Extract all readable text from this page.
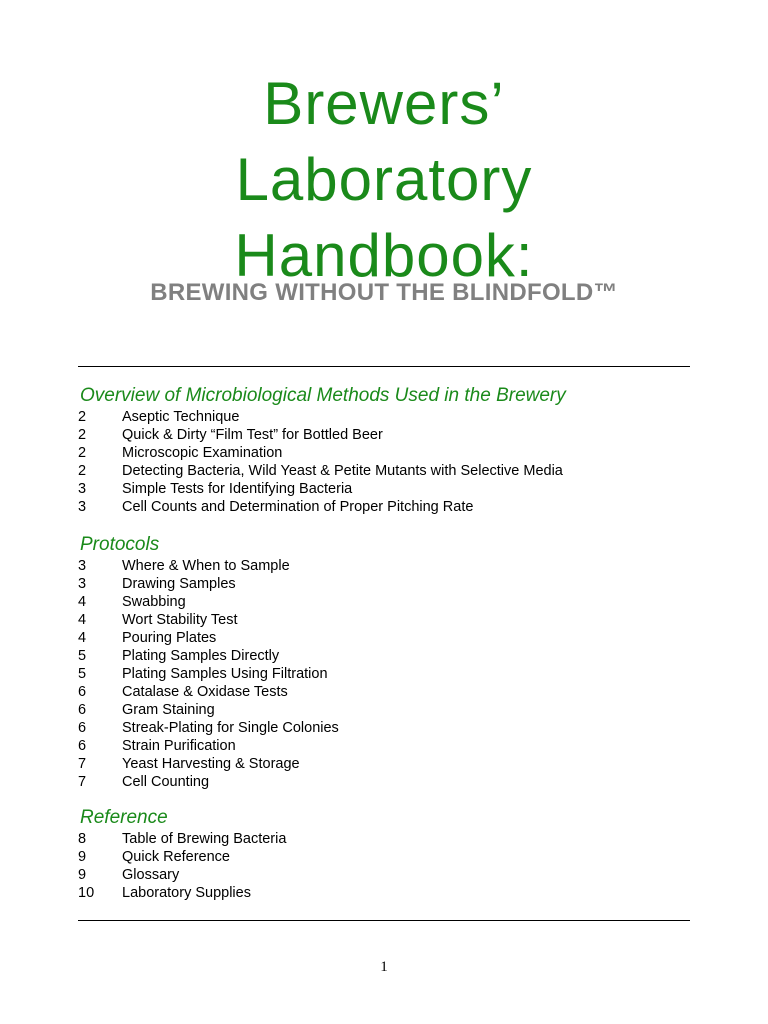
Brewers’
Laboratory
Handbook:
BREWING WITHOUT THE BLINDFOLD™
Overview of Microbiological Methods Used in the Brewery
2	Aseptic Technique
2	Quick & Dirty “Film Test” for Bottled Beer
2	Microscopic Examination
2	Detecting Bacteria, Wild Yeast & Petite Mutants with Selective Media
3	Simple Tests for Identifying Bacteria
3	Cell Counts and Determination of Proper Pitching Rate
Protocols
3	Where & When to Sample
3	Drawing Samples
4	Swabbing
4	Wort Stability Test
4	Pouring Plates
5	Plating Samples Directly
5	Plating Samples Using Filtration
6	Catalase & Oxidase Tests
6	Gram Staining
6	Streak-Plating for Single Colonies
6	Strain Purification
7	Yeast Harvesting & Storage
7	Cell Counting
Reference
8	Table of Brewing Bacteria
9	Quick Reference
9	Glossary
10	Laboratory Supplies
1
